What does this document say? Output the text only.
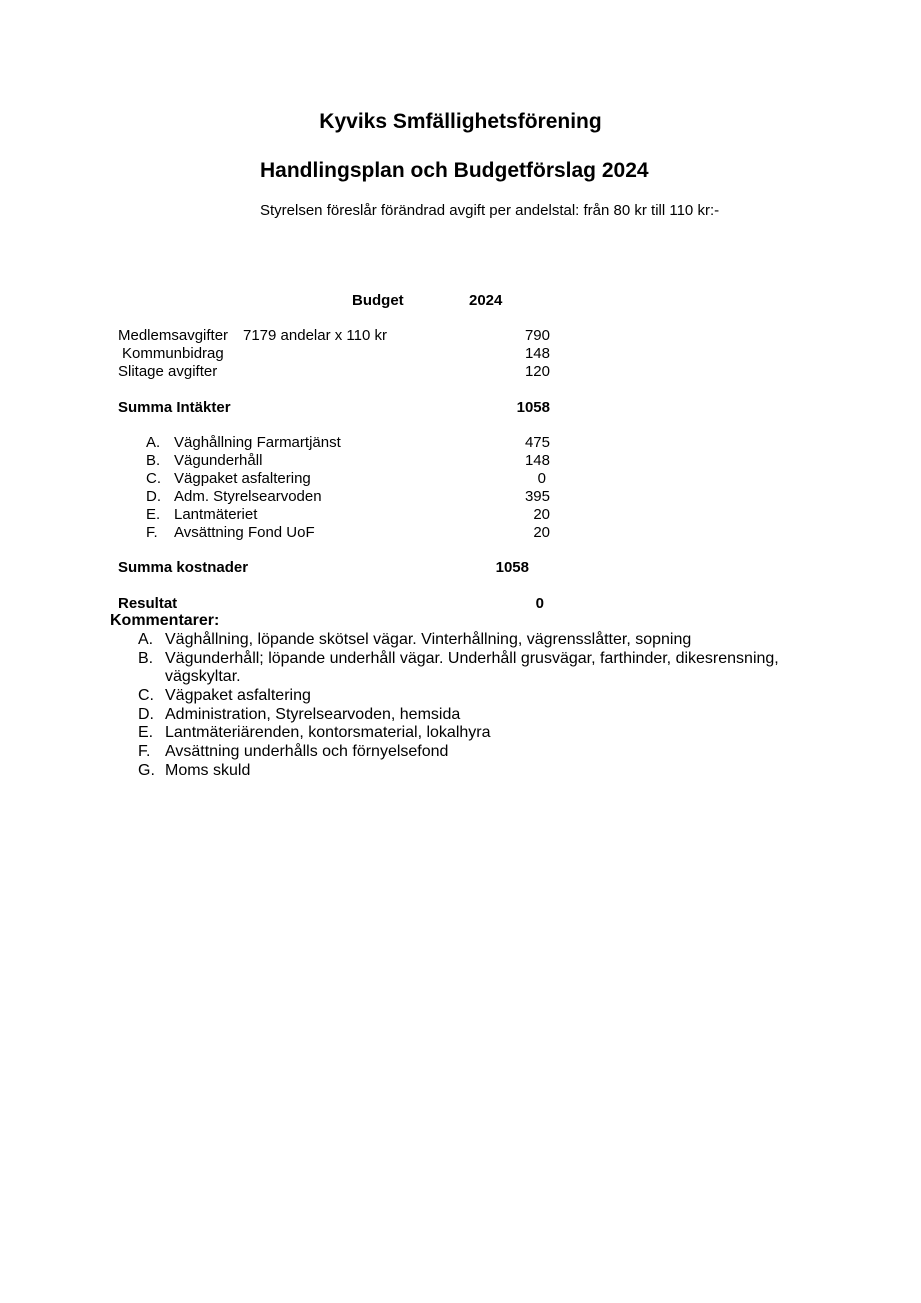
Kyviks Smfällighetsförening
Handlingsplan och Budgetförslag 2024
Styrelsen föreslår förändrad avgift per andelstal: från 80 kr till 110 kr:-
Budget	2024
Medlemsavgifter 7179 andelar x 110 kr	790
Kommunbidrag	148
Slitage avgifter	120
Summa Intäkter	1058
A. Väghållning Farmartjänst	475
B. Vägunderhåll	148
C. Vägpaket asfaltering	0
D. Adm. Styrelsearvoden	395
E. Lantmäteriet	20
F. Avsättning Fond UoF	20
Summa kostnader	1058
Resultat	0
Kommentarer:
A. Väghållning, löpande skötsel vägar. Vinterhållning, vägrensslåtter, sopning
B. Vägunderhåll; löpande underhåll vägar. Underhåll grusvägar, farthinder, dikesrensning,
vägskyltar.
C. Vägpaket asfaltering
D. Administration, Styrelsearvoden, hemsida
E. Lantmäteriärenden, kontorsmaterial, lokalhyra
F. Avsättning underhålls och förnyelsefond
G. Moms skuld
